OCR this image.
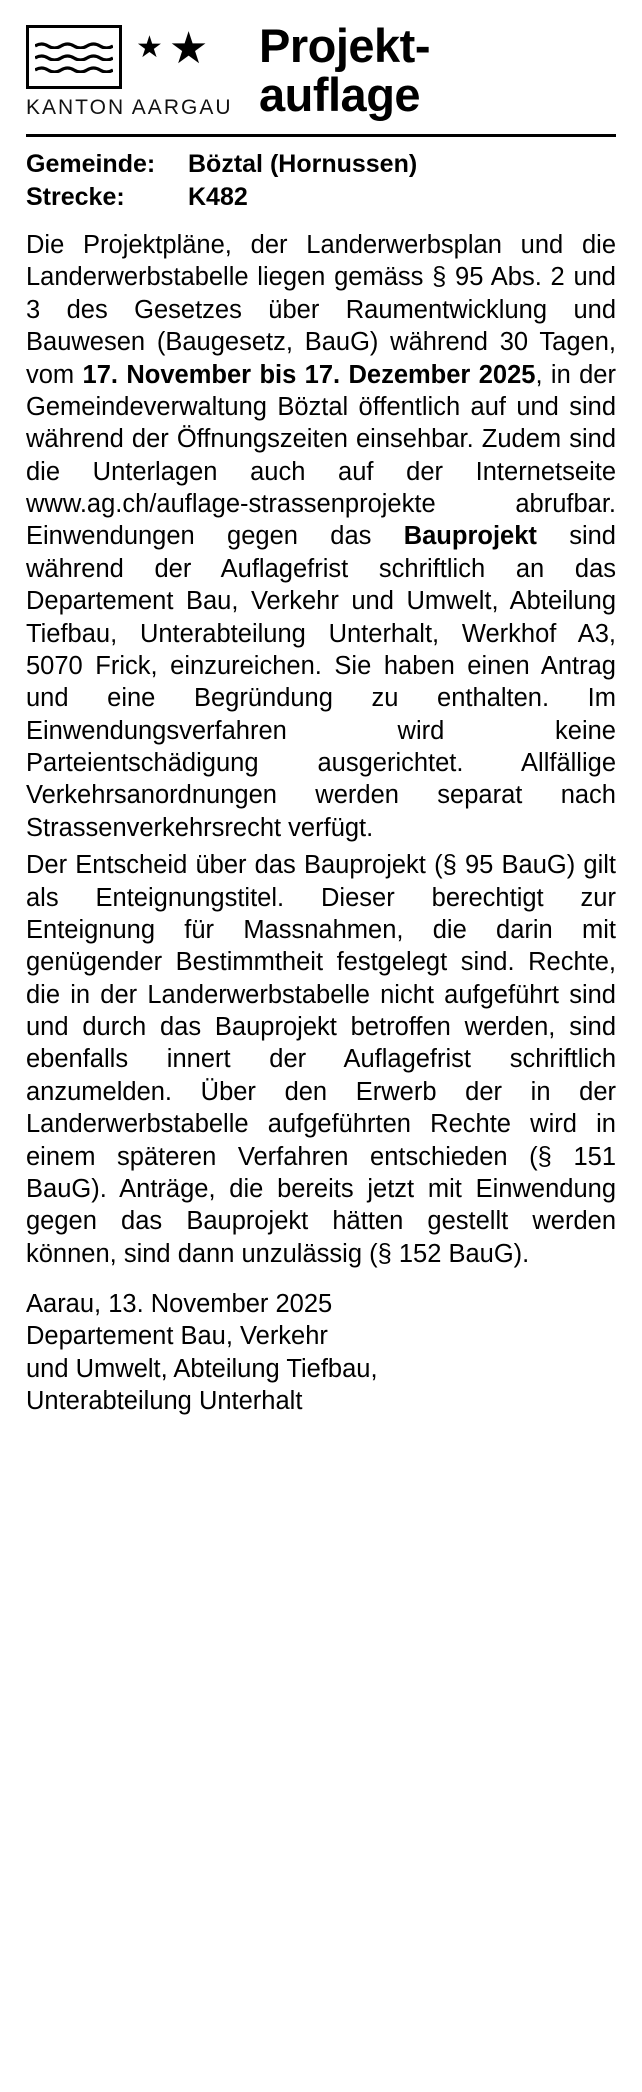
★ ★
KANTON AARGAU
Projekt-
auflage
Gemeinde:	Böztal (Hornussen)
Strecke:	K482

Die Projektpläne, der Landerwerbsplan und die Landerwerbstabelle liegen gemäss § 95 Abs. 2 und 3 des Gesetzes über Raumentwicklung und Bauwesen (Baugesetz, BauG) während 30 Tagen, vom 17. November bis 17. Dezember 2025, in der Gemeindeverwaltung Böztal öffentlich auf und sind während der Öffnungszeiten einsehbar. Zudem sind die Unterlagen auch auf der Internetseite www.ag.ch/auflage-strassenprojekte abrufbar. Einwendungen gegen das Bauprojekt sind während der Auflagefrist schriftlich an das Departement Bau, Verkehr und Umwelt, Abteilung Tiefbau, Unterabteilung Unterhalt, Werkhof A3, 5070 Frick, einzureichen. Sie haben einen Antrag und eine Begründung zu enthalten. Im Einwendungsverfahren wird keine Parteientschädigung ausgerichtet. Allfällige Verkehrsanordnungen werden separat nach Strassenverkehrsrecht verfügt.

Der Entscheid über das Bauprojekt (§ 95 BauG) gilt als Enteignungstitel. Dieser berechtigt zur Enteignung für Massnahmen, die darin mit genügender Bestimmtheit festgelegt sind. Rechte, die in der Landerwerbstabelle nicht aufgeführt sind und durch das Bauprojekt betroffen werden, sind ebenfalls innert der Auflagefrist schriftlich anzumelden. Über den Erwerb der in der Landerwerbstabelle aufgeführten Rechte wird in einem späteren Verfahren entschieden (§ 151 BauG). Anträge, die bereits jetzt mit Einwendung gegen das Bauprojekt hätten gestellt werden können, sind dann unzulässig (§ 152 BauG).

Aarau, 13. November 2025
Departement Bau, Verkehr
und Umwelt, Abteilung Tiefbau,
Unterabteilung Unterhalt
